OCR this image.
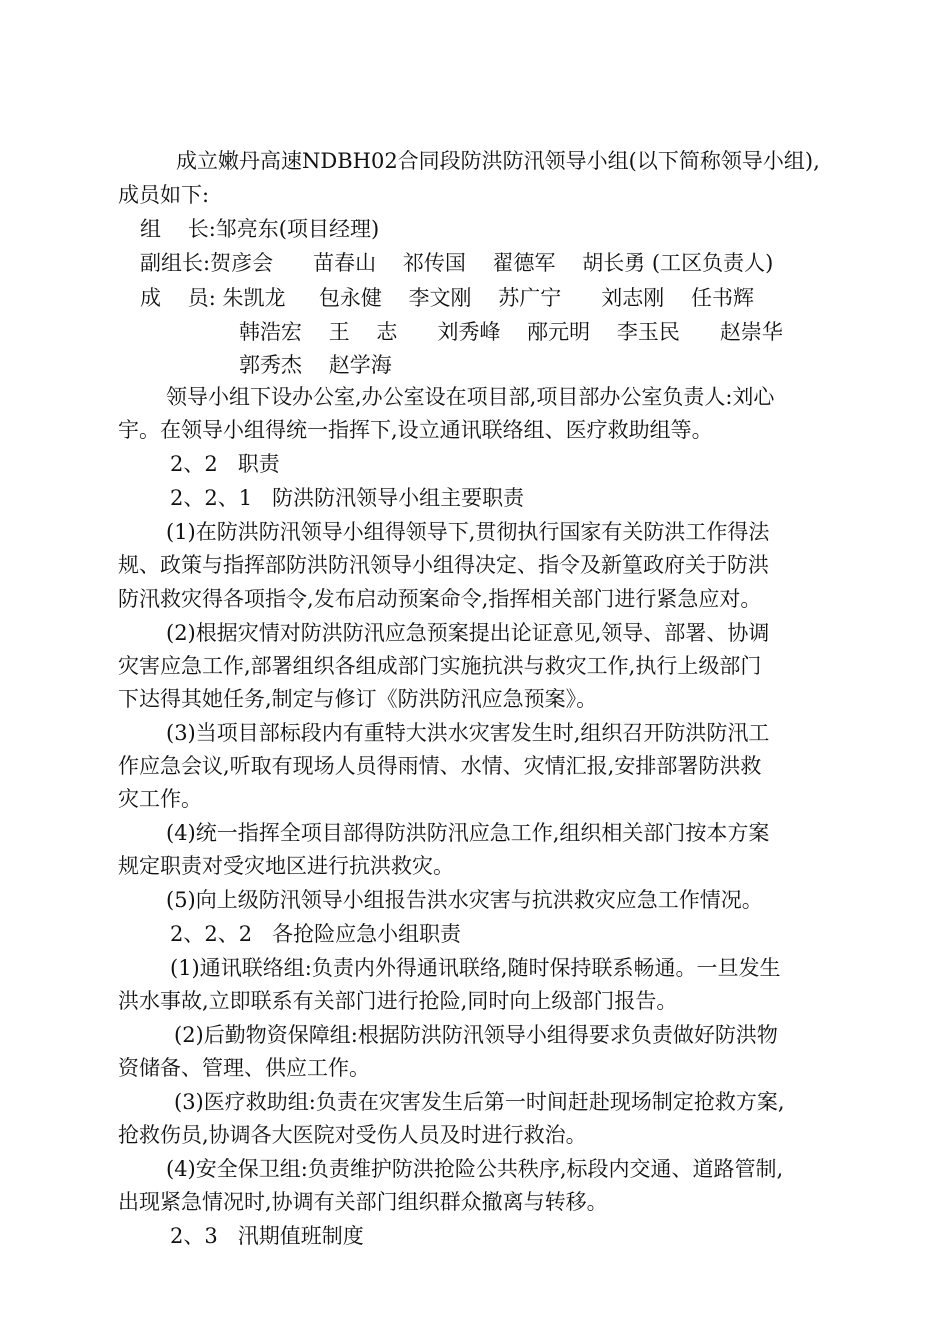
成立嫩丹高速NDBH02合同段防洪防汛领导小组(以下简称领导小组),
成员如下:
组    长:邹亮东(项目经理)
副组长:贺彦会      苗春山    祁传国    翟德军    胡长勇 (工区负责人)
成    员: 朱凯龙     包永健    李文刚    苏广宁      刘志刚    任书辉
韩浩宏    王    志      刘秀峰    邴元明    李玉民      赵崇华
郭秀杰    赵学海
领导小组下设办公室,办公室设在项目部,项目部办公室负责人:刘心
宇。在领导小组得统一指挥下,设立通讯联络组、医疗救助组等。
2、2   职责
2、2、1   防洪防汛领导小组主要职责
(1)在防洪防汛领导小组得领导下,贯彻执行国家有关防洪工作得法
规、政策与指挥部防洪防汛领导小组得决定、指令及新篁政府关于防洪
防汛救灾得各项指令,发布启动预案命令,指挥相关部门进行紧急应对。
(2)根据灾情对防洪防汛应急预案提出论证意见,领导、部署、协调
灾害应急工作,部署组织各组成部门实施抗洪与救灾工作,执行上级部门
下达得其她任务,制定与修订《防洪防汛应急预案》。
(3)当项目部标段内有重特大洪水灾害发生时,组织召开防洪防汛工
作应急会议,听取有现场人员得雨情、水情、灾情汇报,安排部署防洪救
灾工作。
(4)统一指挥全项目部得防洪防汛应急工作,组织相关部门按本方案
规定职责对受灾地区进行抗洪救灾。
(5)向上级防汛领导小组报告洪水灾害与抗洪救灾应急工作情况。
2、2、2   各抢险应急小组职责
(1)通讯联络组:负责内外得通讯联络,随时保持联系畅通。一旦发生
洪水事故,立即联系有关部门进行抢险,同时向上级部门报告。
(2)后勤物资保障组:根据防洪防汛领导小组得要求负责做好防洪物
资储备、管理、供应工作。
(3)医疗救助组:负责在灾害发生后第一时间赶赴现场制定抢救方案,
抢救伤员,协调各大医院对受伤人员及时进行救治。
(4)安全保卫组:负责维护防洪抢险公共秩序,标段内交通、道路管制,
出现紧急情况时,协调有关部门组织群众撤离与转移。
2、3   汛期值班制度
